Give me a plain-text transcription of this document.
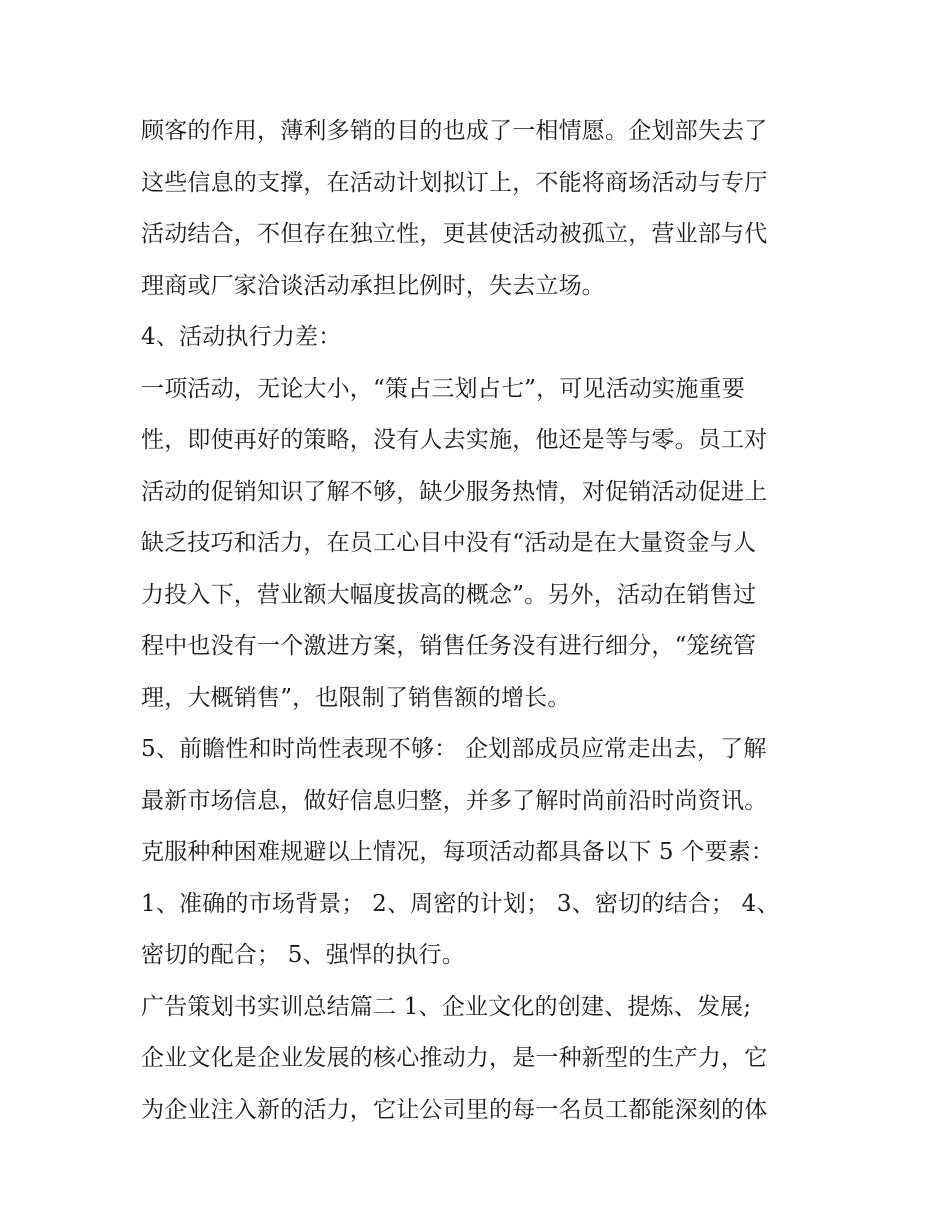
顾客的作用，薄利多销的目的也成了一相情愿。企划部失去了
这些信息的支撑，在活动计划拟订上，不能将商场活动与专厅
活动结合，不但存在独立性，更甚使活动被孤立，营业部与代
理商或厂家洽谈活动承担比例时，失去立场。
4、活动执行力差：
一项活动，无论大小，“策占三划占七”，可见活动实施重要
性，即使再好的策略，没有人去实施，他还是等与零。员工对
活动的促销知识了解不够，缺少服务热情，对促销活动促进上
缺乏技巧和活力，在员工心目中没有“活动是在大量资金与人
力投入下，营业额大幅度拔高的概念”。另外，活动在销售过
程中也没有一个激进方案，销售任务没有进行细分，“笼统管
理，大概销售”，也限制了销售额的增长。
5、前瞻性和时尚性表现不够： 企划部成员应常走出去，了解
最新市场信息，做好信息归整，并多了解时尚前沿时尚资讯。
克服种种困难规避以上情况，每项活动都具备以下 5 个要素：
1、准确的市场背景； 2、周密的计划； 3、密切的结合； 4、
密切的配合； 5、强悍的执行。
广告策划书实训总结篇二 1、企业文化的创建、提炼、发展;
企业文化是企业发展的核心推动力，是一种新型的生产力，它
为企业注入新的活力，它让公司里的每一名员工都能深刻的体
